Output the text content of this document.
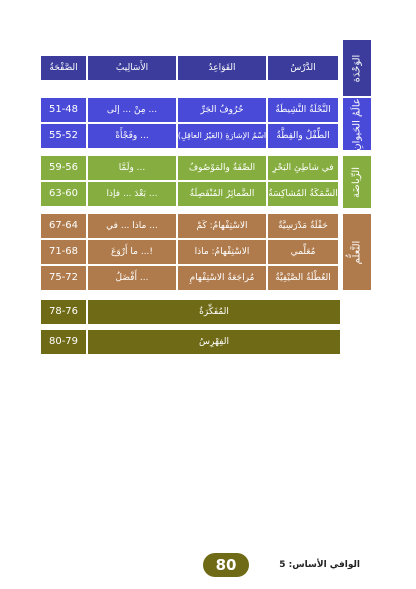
الوَحْدَة
الدَّرْسُ
القَوَاعِدُ
الأَسَالِيبُ
الصَّفْحَةُ
عالَمُ الحَيوانِ
النَّحْلَةُ النَّشِيطَةُ
حُرُوفُ الجَرِّ
مِنْ ... إلى ...
51-48
الطِّفْلُ والقِطَّةُ
اسْمُ الإشارَةِ (العَيْرُ العاقِلِ)
وفَجْأَةً ...
55-52
الرِّياضَة
في شاطِئِ البَحْرِ
الصِّفَةُ والمَوْصُوفُ
ولَمَّا ...
59-56
السَّمَكَةُ المُشاكِسَةُ
الضَّمائِرُ المُنْفَصِلَةُ
بَعْدَ ... فإذا ...
63-60
التَّعلُّم
حَفْلَةٌ مَدْرَسِيَّةٌ
الاسْتِفْهامُ: كَمْ
ماذا ... في ...
67-64
مُعَلِّمي
الاسْتِفْهامُ: ماذا
ما أَرْوَعَ ...!
71-68
العُطْلَةُ الصَّيْفِيَّةُ
مُراجَعَةُ الاسْتِفْهامِ
أَفْضَلُ ...
75-72
المُفَكِّرَةُ
78-76
الفِهْرِسُ
80-79
80	الوافي الأساس: 5
